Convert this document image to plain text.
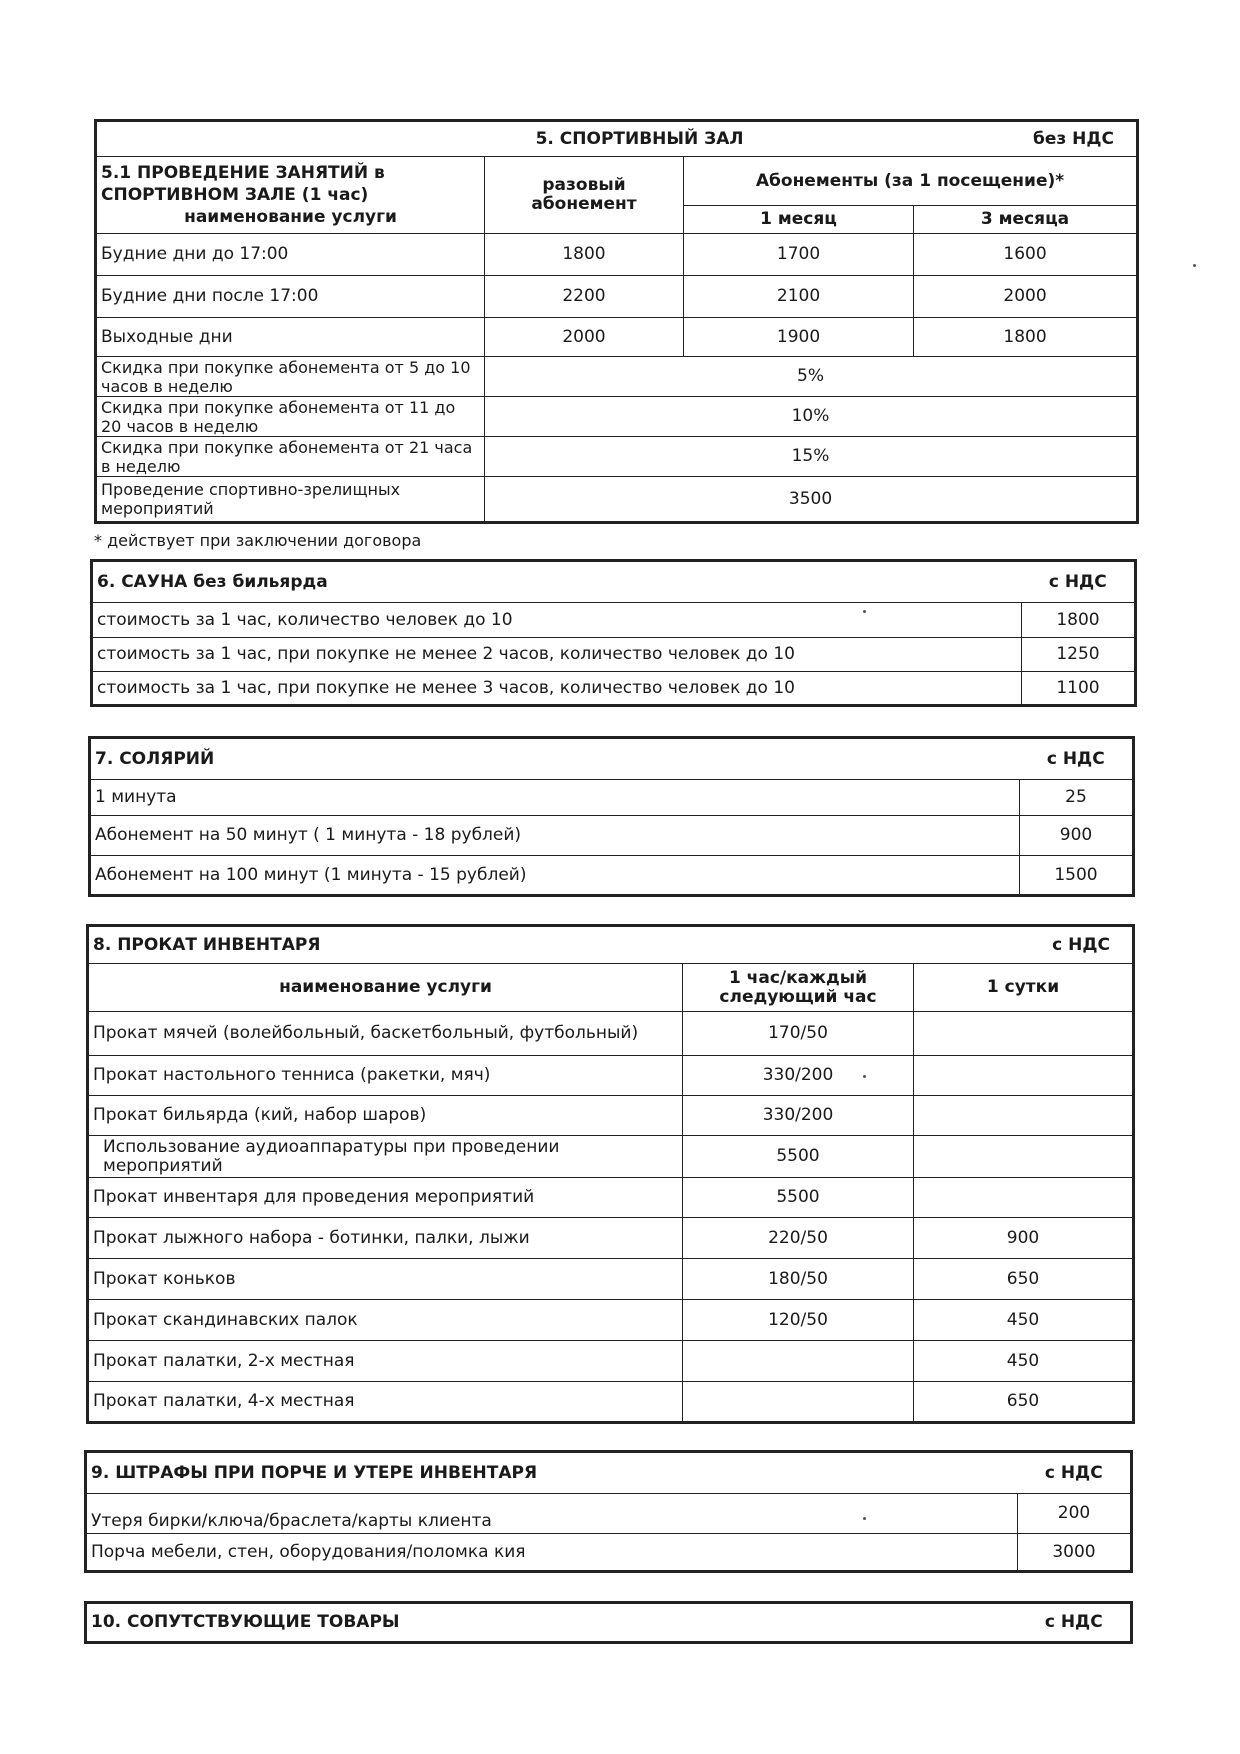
5. СПОРТИВНЫЙ ЗАЛ			без НДС

5.1 ПРОВЕДЕНИЕ ЗАНЯТИЙ в
СПОРТИВНОМ ЗАЛЕ (1 час)
наименование услуги	разовый абонемент	Абонементы (за 1 посещение)*	
		1 месяц	3 месяца
Будние дни до 17:00	1800	1700	1600
Будние дни после 17:00	2200	2100	2000
Выходные дни	2000	1900	1800
Скидка при покупке абонемента от 5 до 10 часов в неделю	5%		
Скидка при покупке абонемента от 11 до 20 часов в неделю	10%		
Скидка при покупке абонемента от 21 часа в неделю	15%		
Проведение спортивно-зрелищных мероприятий	3500		
* действует при заключении договора
6. САУНА без бильярда	с НДС
стоимость за 1 час, количество человек до 10	1800
стоимость за 1 час, при покупке не менее 2 часов, количество человек до 10	1250
стоимость за 1 час, при покупке не менее 3 часов, количество человек до 10	1100
7. СОЛЯРИЙ	с НДС
1 минута	25
Абонемент на 50 минут ( 1 минута - 18 рублей)	900
Абонемент на 100 минут (1 минута - 15 рублей)	1500
8. ПРОКАТ ИНВЕНТАРЯ		с НДС
наименование услуги	1 час/каждый
следующий час	1 сутки
Прокат мячей (волейбольный, баскетбольный, футбольный)	170/50	
Прокат настольного тенниса (ракетки, мяч)	330/200	
Прокат бильярда (кий, набор шаров)	330/200	
Использование аудиоаппаратуры при проведении мероприятий	5500	
Прокат инвентаря для проведения мероприятий	5500	
Прокат лыжного набора - ботинки, палки, лыжи	220/50	900
Прокат коньков	180/50	650
Прокат скандинавских палок	120/50	450
Прокат палатки, 2-х местная		450
Прокат палатки, 4-х местная		650
9. ШТРАФЫ ПРИ ПОРЧЕ И УТЕРЕ ИНВЕНТАРЯ	с НДС
Утеря бирки/ключа/браслета/карты клиента	200
Порча мебели, стен, оборудования/поломка кия	3000
10. СОПУТСТВУЮЩИЕ ТОВАРЫ	с НДС
